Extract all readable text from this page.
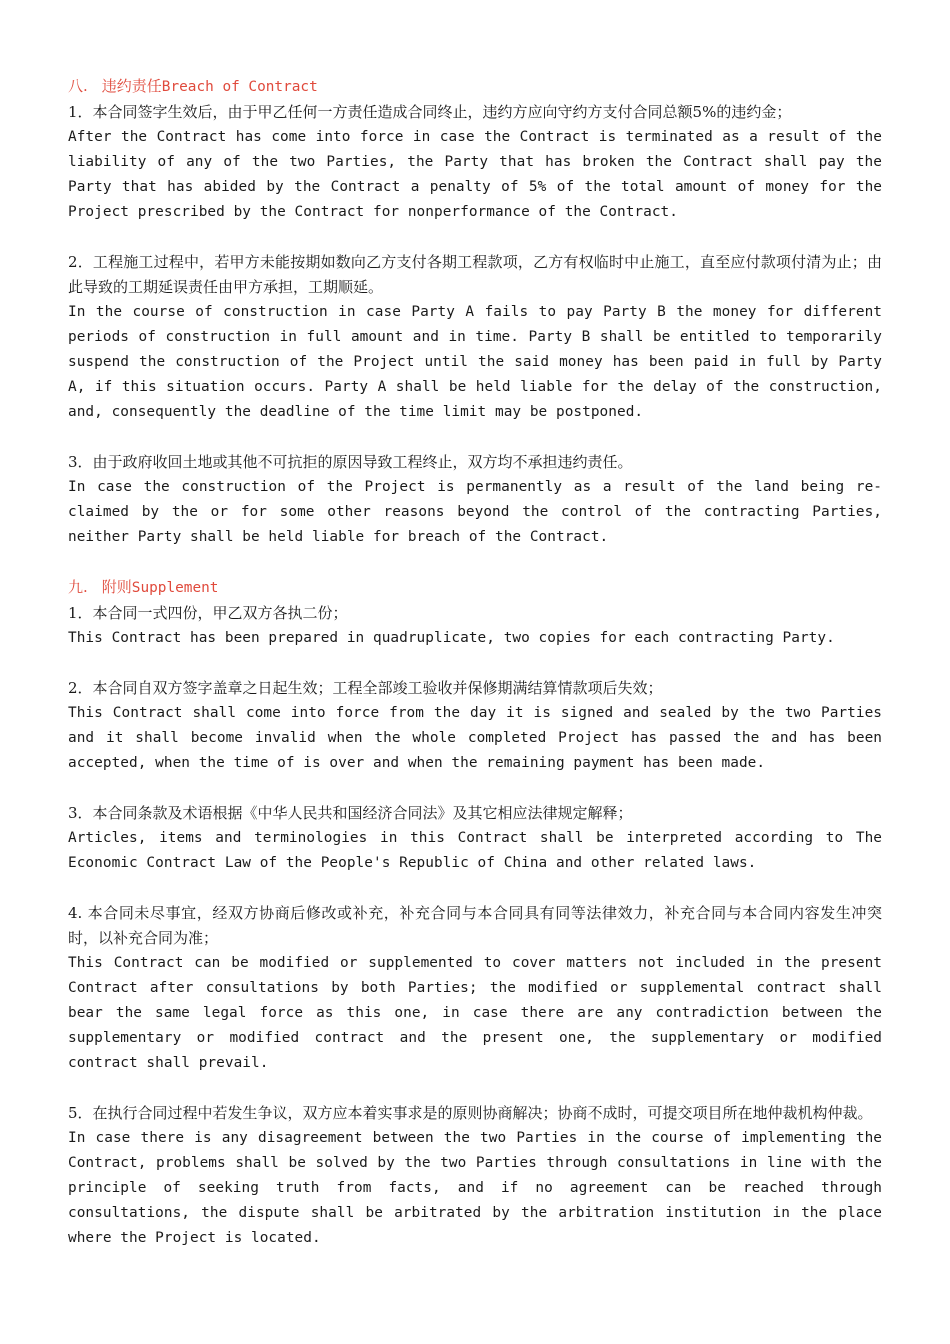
八. 违约责任Breach of Contract

1．本合同签字生效后，由于甲乙任何一方责任造成合同终止，违约方应向守约方支付合同总额5%的违约金；

After the Contract has come into force in case the Contract is terminated as a result of the liability of any of the two Parties, the Party that has broken the Contract shall pay the Party that has abided by the Contract a penalty of 5% of the total amount of money for the Project prescribed by the Contract for nonperformance of the Contract.

2．工程施工过程中，若甲方未能按期如数向乙方支付各期工程款项，乙方有权临时中止施工，直至应付款项付清为止；由此导致的工期延误责任由甲方承担，工期顺延。

In the course of construction in case Party A fails to pay Party B the money for different periods of construction in full amount and in time. Party B shall be entitled to temporarily suspend the construction of the Project until the said money has been paid in full by Party A, if this situation occurs. Party A shall be held liable for the delay of the construction, and, consequently the deadline of the time limit may be postponed.

3．由于政府收回土地或其他不可抗拒的原因导致工程终止，双方均不承担违约责任。

In case the construction of the Project is permanently as a result of the land being re-claimed by the or for some other reasons beyond the control of the contracting Parties, neither Party shall be held liable for breach of the Contract.

九. 附则Supplement

1．本合同一式四份，甲乙双方各执二份；

This Contract has been prepared in quadruplicate, two copies for each contracting Party.

2．本合同自双方签字盖章之日起生效；工程全部竣工验收并保修期满结算情款项后失效；

This Contract shall come into force from the day it is signed and sealed by the two Parties and it shall become invalid when the whole completed Project has passed the and has been accepted, when the time of is over and when the remaining payment has been made.

3．本合同条款及术语根据《中华人民共和国经济合同法》及其它相应法律规定解释；

Articles, items and terminologies in this Contract shall be interpreted according to The Economic Contract Law of the People's Republic of China and other related laws.

4. 本合同未尽事宜，经双方协商后修改或补充，补充合同与本合同具有同等法律效力，补充合同与本合同内容发生冲突时，以补充合同为准；

This Contract can be modified or supplemented to cover matters not included in the present Contract after consultations by both Parties; the modified or supplemental contract shall bear the same legal force as this one, in case there are any contradiction between the supplementary or modified contract and the present one, the supplementary or modified contract shall prevail.

5．在执行合同过程中若发生争议，双方应本着实事求是的原则协商解决；协商不成时，可提交项目所在地仲裁机构仲裁。

In case there is any disagreement between the two Parties in the course of implementing the Contract, problems shall be solved by the two Parties through consultations in line with the principle of seeking truth from facts, and if no agreement can be reached through consultations, the dispute shall be arbitrated by the arbitration institution in the place where the Project is located.
